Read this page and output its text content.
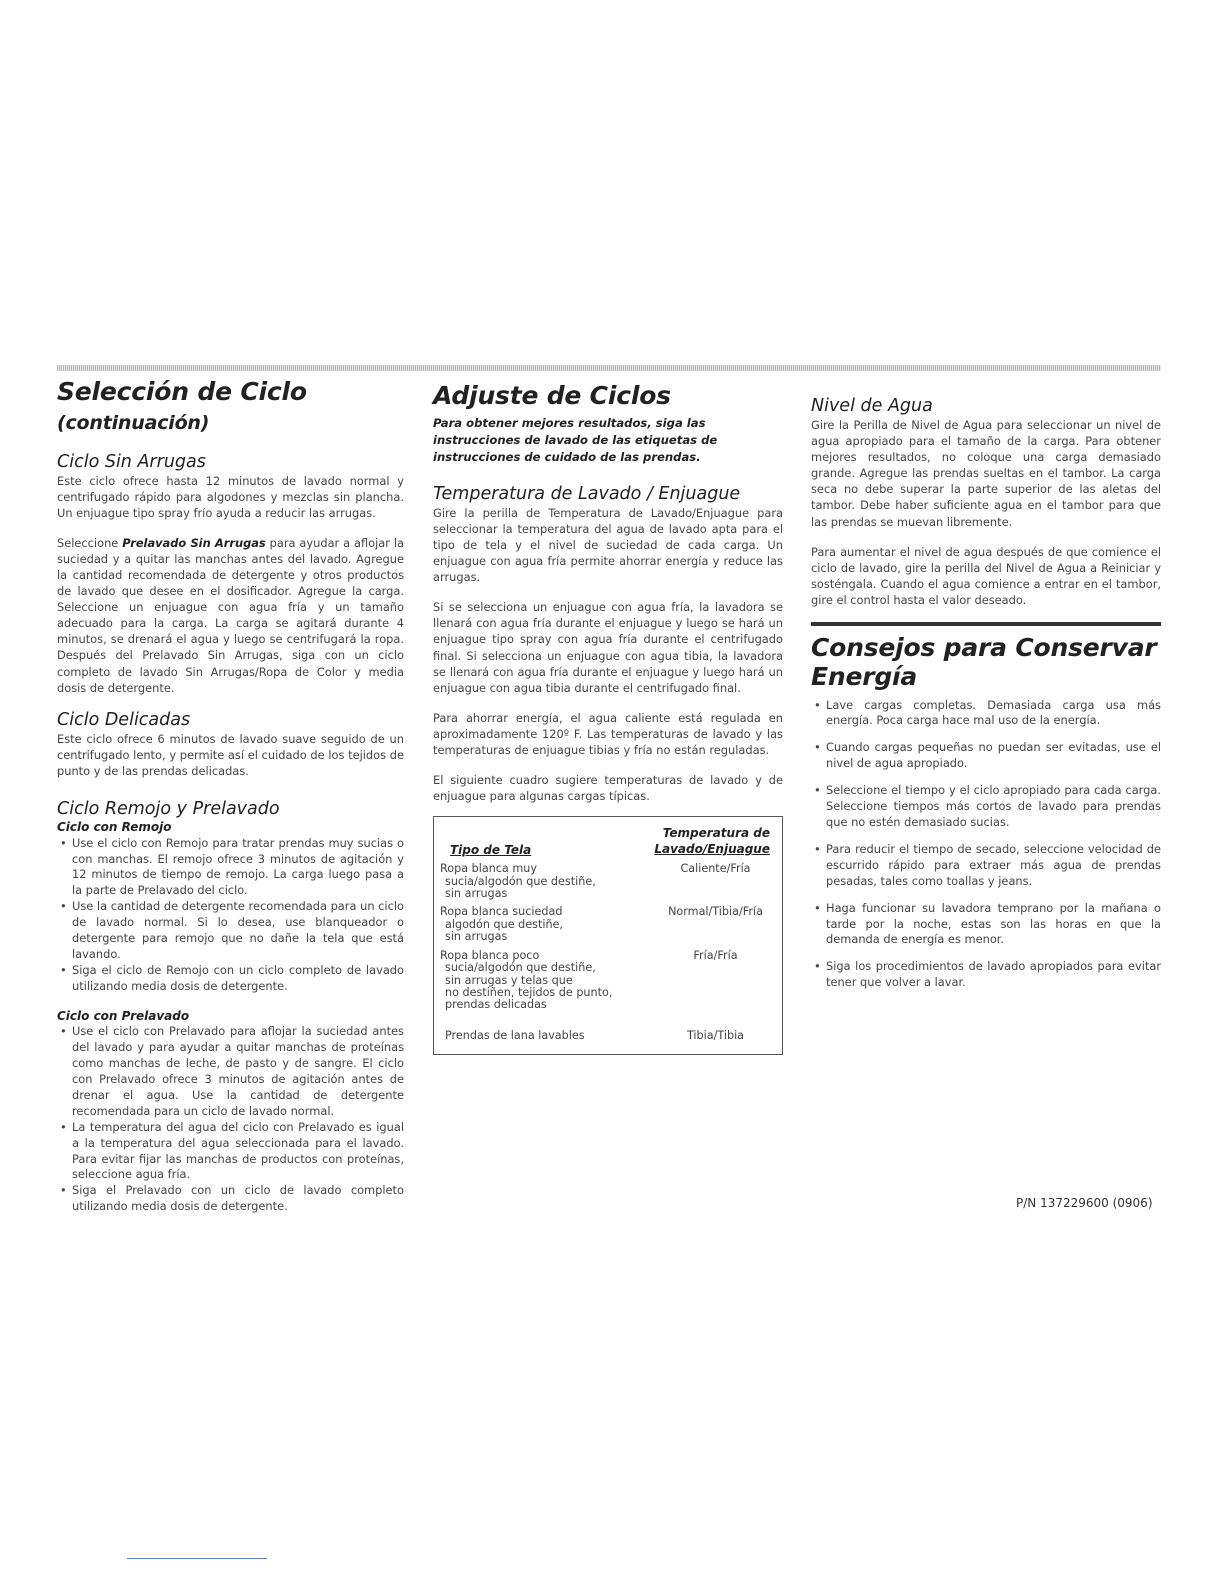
Selección de Ciclo (continuación)
Ciclo Sin Arrugas

Este ciclo ofrece hasta 12 minutos de lavado normal y centrifugado rápido para algodones y mezclas sin plancha. Un enjuague tipo spray frío ayuda a reducir las arrugas.

Seleccione Prelavado Sin Arrugas para ayudar a aflojar la suciedad y a quitar las manchas antes del lavado. Agregue la cantidad recomendada de detergente y otros productos de lavado que desee en el dosificador. Agregue la carga. Seleccione un enjuague con agua fría y un tamaño adecuado para la carga. La carga se agitará durante 4 minutos, se drenará el agua y luego se centrifugará la ropa. Después del Prelavado Sin Arrugas, siga con un ciclo completo de lavado Sin Arrugas/Ropa de Color y media dosis de detergente.

Ciclo Delicadas

Este ciclo ofrece 6 minutos de lavado suave seguido de un centrifugado lento, y permite así el cuidado de los tejidos de punto y de las prendas delicadas.

Ciclo Remojo y Prelavado
Ciclo con Remojo
• Use el ciclo con Remojo para tratar prendas muy sucias o con manchas. El remojo ofrece 3 minutos de agitación y 12 minutos de tiempo de remojo. La carga luego pasa a la parte de Prelavado del ciclo.
• Use la cantidad de detergente recomendada para un ciclo de lavado normal. Si lo desea, use blanqueador o detergente para remojo que no dañe la tela que está lavando.
• Siga el ciclo de Remojo con un ciclo completo de lavado utilizando media dosis de detergente.
Ciclo con Prelavado
• Use el ciclo con Prelavado para aflojar la suciedad antes del lavado y para ayudar a quitar manchas de proteínas como manchas de leche, de pasto y de sangre. El ciclo con Prelavado ofrece 3 minutos de agitación antes de drenar el agua. Use la cantidad de detergente recomendada para un ciclo de lavado normal.
• La temperatura del agua del ciclo con Prelavado es igual a la temperatura del agua seleccionada para el lavado. Para evitar fijar las manchas de productos con proteínas, seleccione agua fría.
• Siga el Prelavado con un ciclo de lavado completo utilizando media dosis de detergente.
Adjuste de Ciclos

Para obtener mejores resultados, siga las instrucciones de lavado de las etiquetas de instrucciones de cuidado de las prendas.

Temperatura de Lavado / Enjuague

Gire la perilla de Temperatura de Lavado/Enjuague para seleccionar la temperatura del agua de lavado apta para el tipo de tela y el nivel de suciedad de cada carga. Un enjuague con agua fría permite ahorrar energía y reduce las arrugas.

Si se selecciona un enjuague con agua fría, la lavadora se llenará con agua fría durante el enjuague y luego se hará un enjuague tipo spray con agua fría durante el centrifugado final. Si selecciona un enjuague con agua tibia, la lavadora se llenará con agua fría durante el enjuague y luego hará un enjuague con agua tibia durante el centrifugado final.

Para ahorrar energía, el agua caliente está regulada en aproximadamente 120º F. Las temperaturas de lavado y las temperaturas de enjuague tibias y fría no están reguladas.

El siguiente cuadro sugiere temperaturas de lavado y de enjuague para algunas cargas típicas.

Tipo de Tela
Temperatura de
Lavado/Enjuague
Ropa blanca muy
sucia/algodón que destiñe,
sin arrugas
Caliente/Fría
Ropa blanca suciedad
algodón que destiñe,
sin arrugas
Normal/Tibia/Fría
Ropa blanca poco
sucia/algodón que destiñe,
sin arrugas y telas que
no destiñen, tejidos de punto,
prendas delicadas
Fría/Fría
Prendas de lana lavables	Tibia/Tibia
Nivel de Agua

Gire la Perilla de Nivel de Agua para seleccionar un nivel de agua apropiado para el tamaño de la carga. Para obtener mejores resultados, no coloque una carga demasiado grande. Agregue las prendas sueltas en el tambor. La carga seca no debe superar la parte superior de las aletas del tambor. Debe haber suficiente agua en el tambor para que las prendas se muevan libremente.

Para aumentar el nivel de agua después de que comience el ciclo de lavado, gire la perilla del Nivel de Agua a Reiniciar y sosténgala. Cuando el agua comience a entrar en el tambor, gire el control hasta el valor deseado.

Consejos para Conservar
Energía
• Lave cargas completas. Demasiada carga usa más energía. Poca carga hace mal uso de la energía.
• Cuando cargas pequeñas no puedan ser evitadas, use el nivel de agua apropiado.
• Seleccione el tiempo y el ciclo apropiado para cada carga. Seleccione tiempos más cortos de lavado para prendas que no estén demasiado sucias.
• Para reducir el tiempo de secado, seleccione velocidad de escurrido rápido para extraer más agua de prendas pesadas, tales como toallas y jeans.
• Haga funcionar su lavadora temprano por la mañana o tarde por la noche, estas son las horas en que la demanda de energía es menor.
• Siga los procedimientos de lavado apropiados para evitar tener que volver a lavar.
P/N 137229600 (0906)
